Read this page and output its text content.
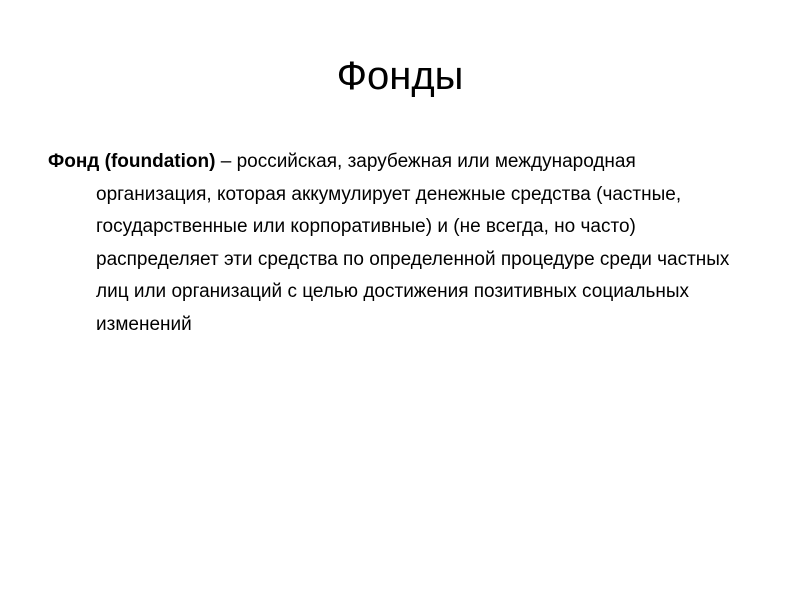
Фонды

Фонд (foundation) – российская, зарубежная или международная организация, которая аккумулирует денежные средства (частные, государственные или корпоративные) и (не всегда, но часто) распределяет эти средства по определенной процедуре среди частных лиц или организаций с целью достижения позитивных социальных изменений
